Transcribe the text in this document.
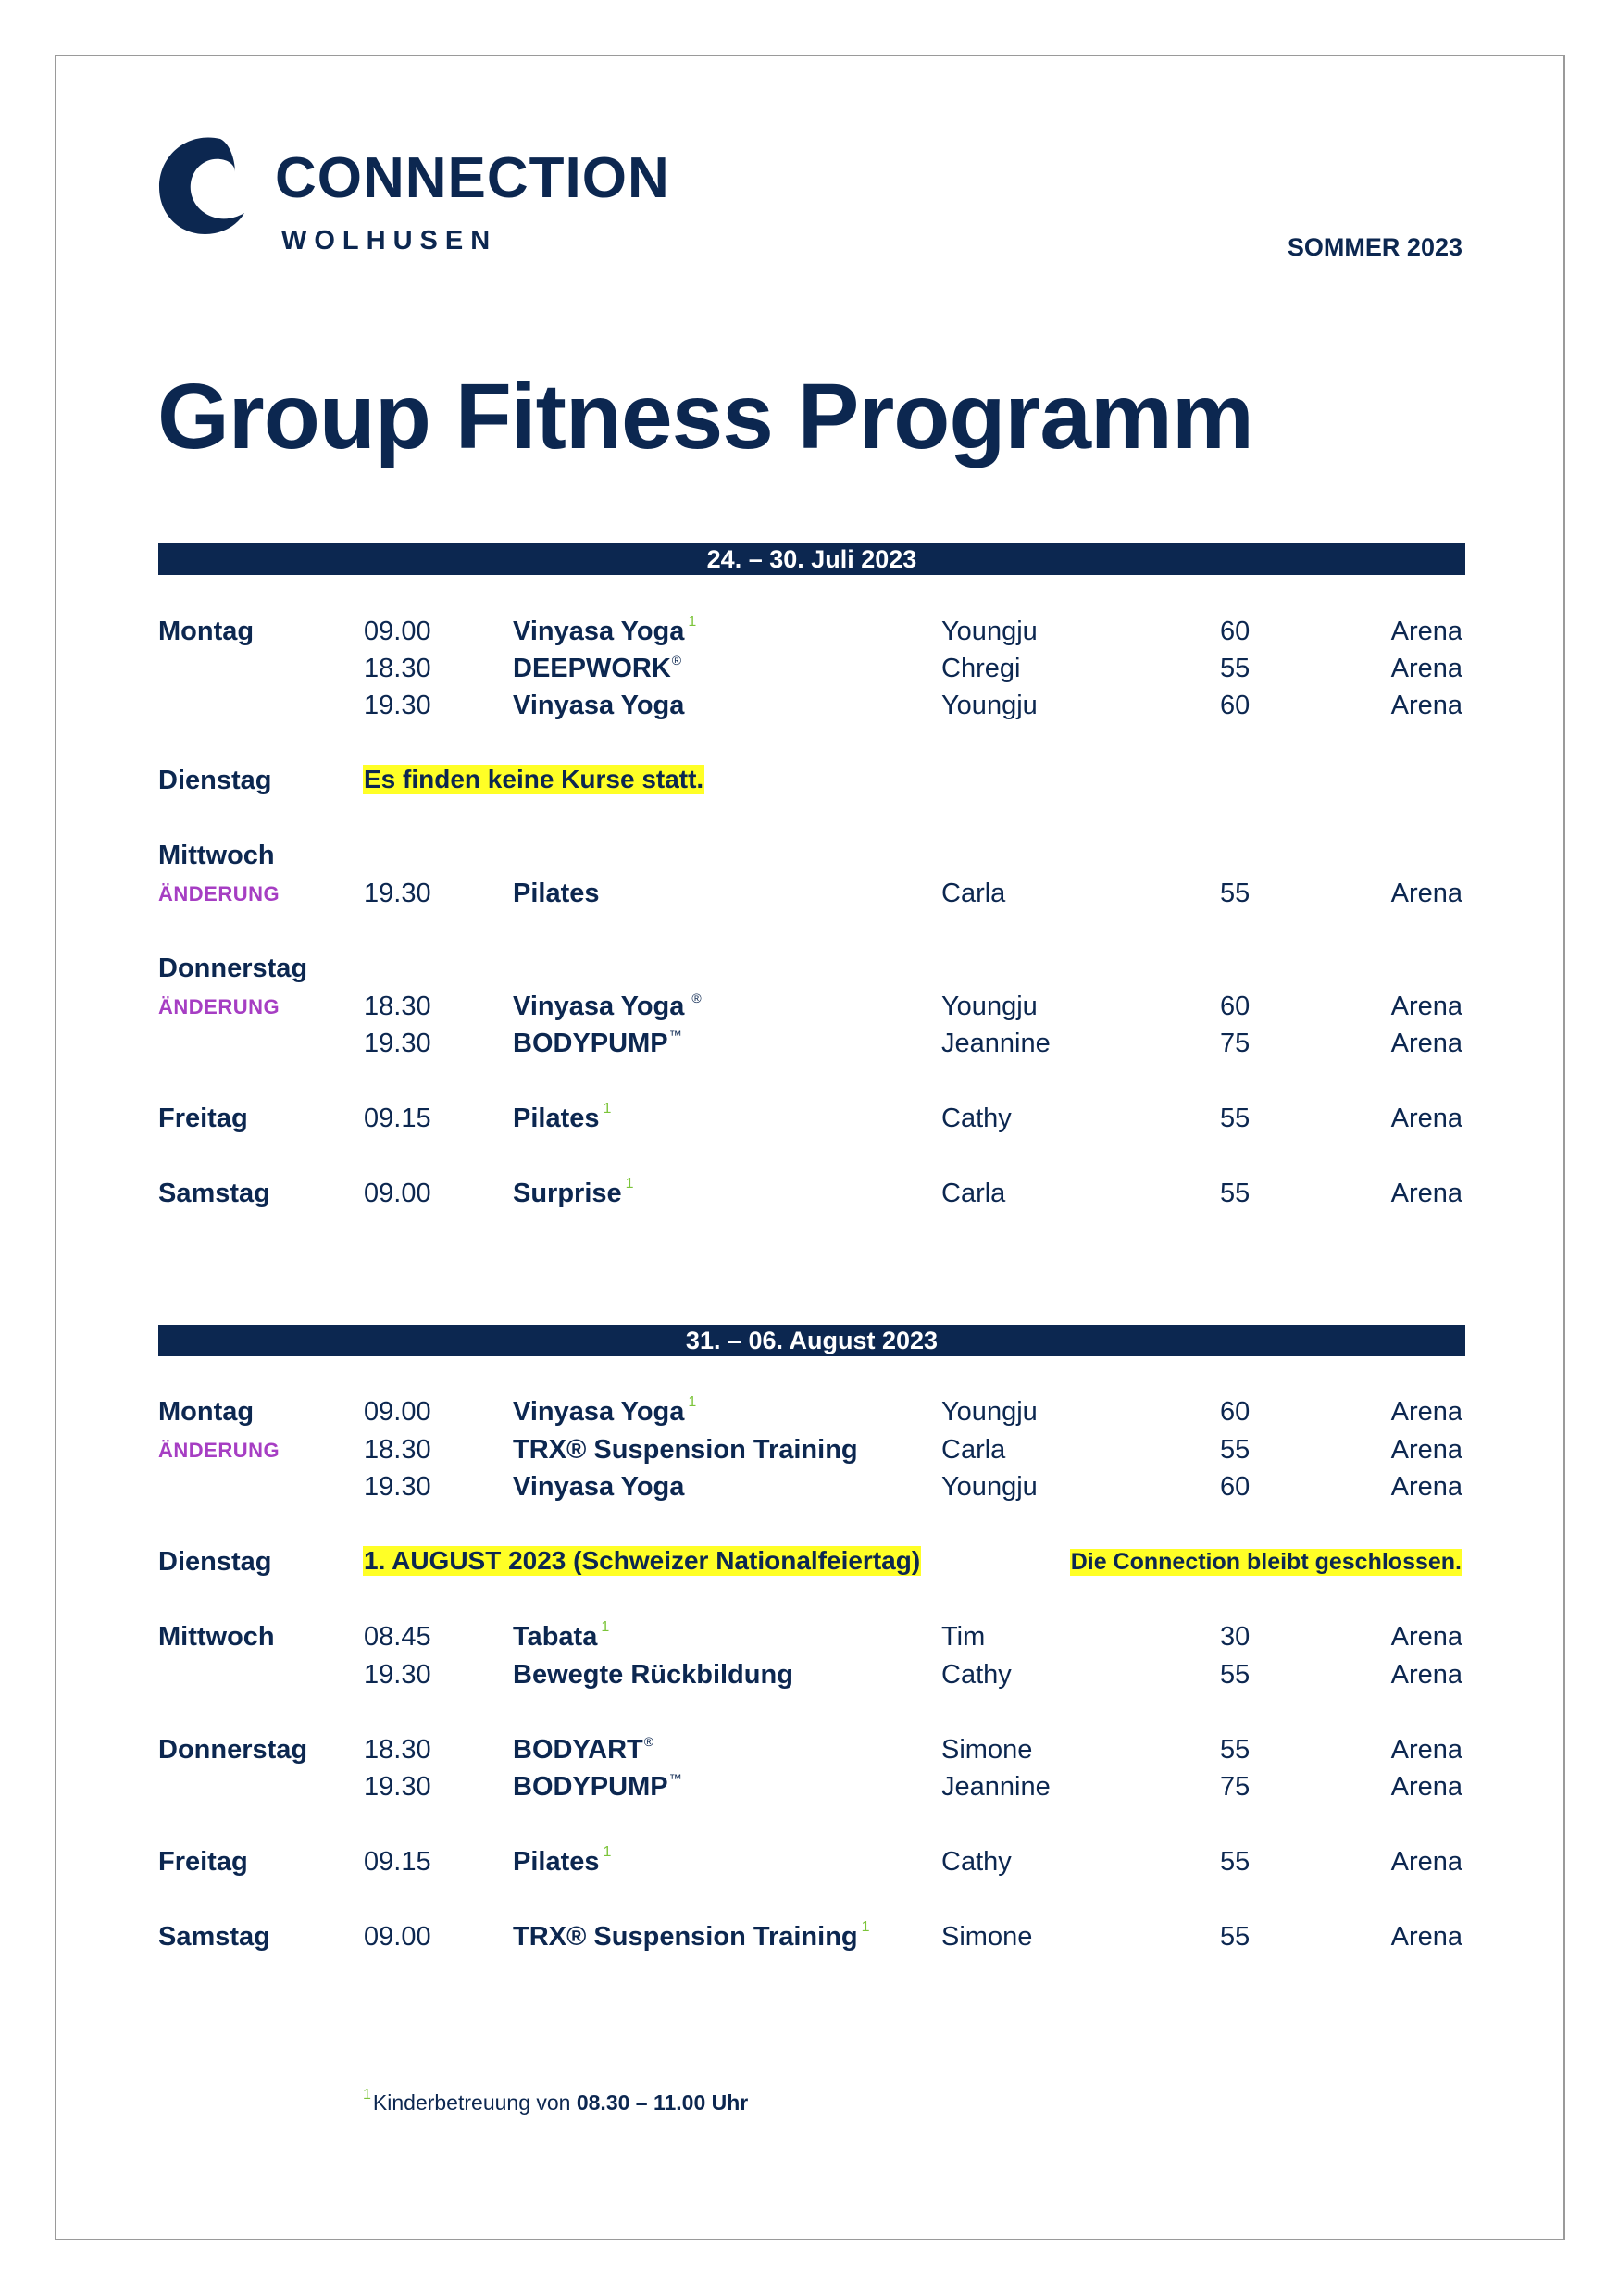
CONNECTION
WOLHUSEN	SOMMER 2023
Group Fitness Programm
24. – 30. Juli 2023
Montag	09.00	Vinyasa Yoga $^1$	Youngju	60	Arena
18.30	DEEPWORK®	Chregi	55	Arena
19.30	Vinyasa Yoga	Youngju	60	Arena
Dienstag	Es finden keine Kurse statt.
Mittwoch
ÄNDERUNG	19.30	Pilates	Carla	55	Arena
Donnerstag
ÄNDERUNG	18.30	Vinyasa Yoga ®	Youngju	60	Arena
19.30	BODYPUMP™	Jeannine	75	Arena
Freitag	09.15	Pilates $^1$	Cathy	55	Arena
Samstag	09.00	Surprise $^1$	Carla	55	Arena
31. – 06. August 2023
Montag	09.00	Vinyasa Yoga $^1$	Youngju	60	Arena
ÄNDERUNG	18.30	TRX® Suspension Training	Carla	55	Arena
19.30	Vinyasa Yoga	Youngju	60	Arena
Dienstag	1. AUGUST 2023 (Schweizer Nationalfeiertag)	Die Connection bleibt geschlossen.
Mittwoch	08.45	Tabata $^1$	Tim	30	Arena
19.30	Bewegte Rückbildung	Cathy	55	Arena
Donnerstag 18.30	BODYART®	Simone	55	Arena
19.30	BODYPUMP™	Jeannine	75	Arena
Freitag	09.15	Pilates $^1$	Cathy	55	Arena
Samstag	09.00	TRX® Suspension Training $^1$	Simone	55	Arena
$^1$Kinderbetreuung von 08.30 – 11.00 Uhr
